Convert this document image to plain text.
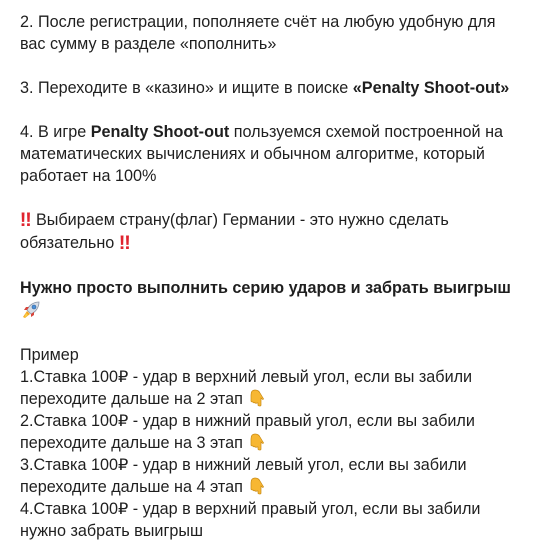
2. После регистрации, пополняете счёт на любую удобную для вас сумму в разделе «пополнить»

3. Переходите в «казино» и ищите в поиске «Penalty Shoot-out»

4. В игре Penalty Shoot-out пользуемся схемой построенной на математических вычислениях и обычном алгоритме, который работает на 100%

‼ Выбираем страну(флаг) Германии - это нужно сделать обязательно ‼

Нужно просто выполнить серию ударов и забрать выигрыш

Пример
1.Ставка 100₽ - удар в верхний левый угол, если вы забили переходите дальше на 2 этап
2.Ставка 100₽ - удар в нижний правый угол, если вы забили переходите дальше на 3 этап
3.Ставка 100₽ - удар в нижний левый угол, если вы забили переходите дальше на 4 этап
4.Ставка 100₽ - удар в верхний правый угол, если вы забили нужно забрать выигрыш
